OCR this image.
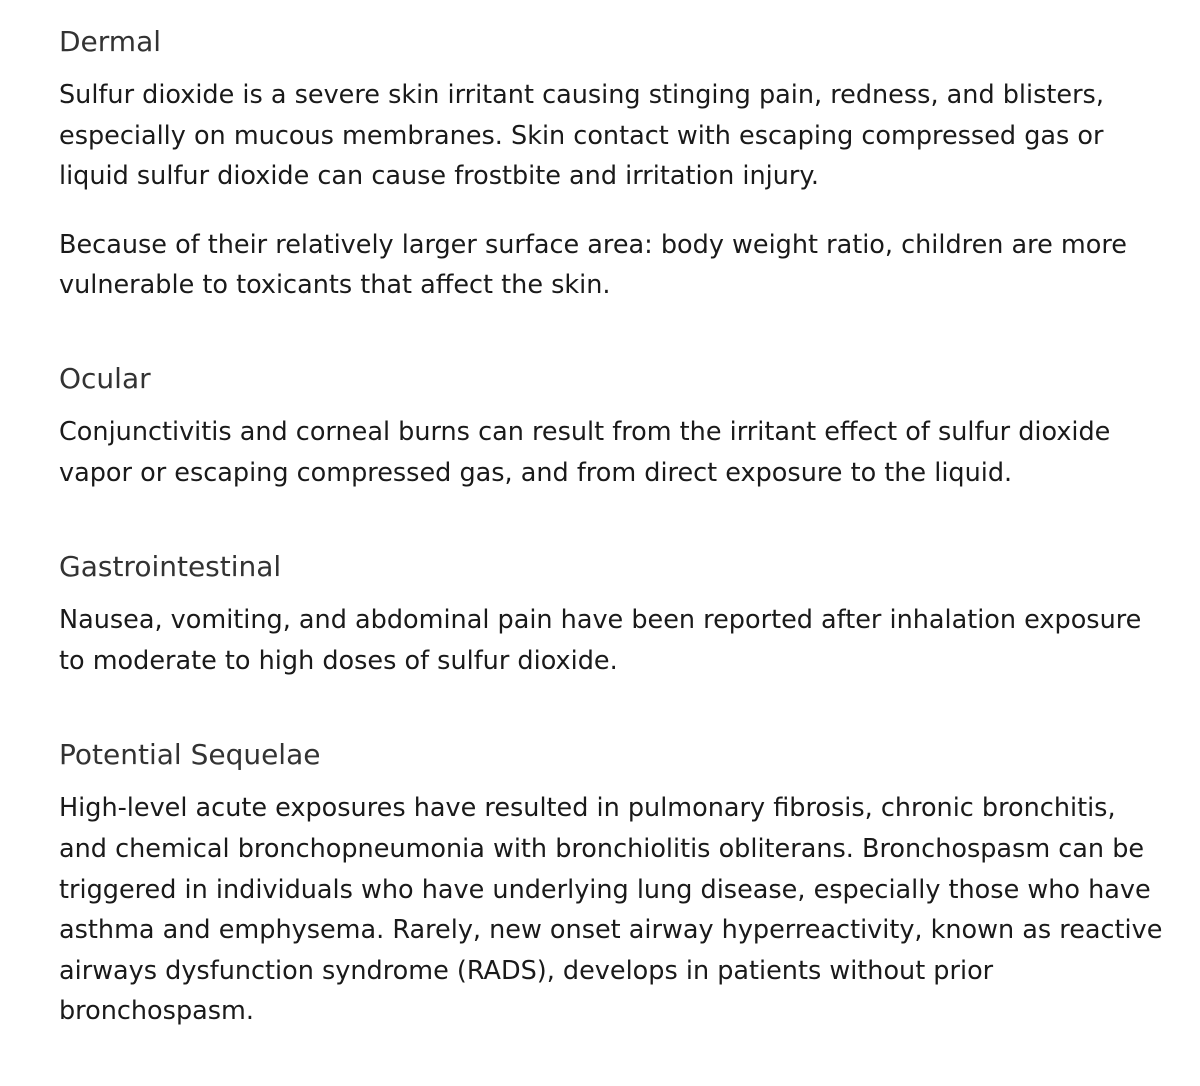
Dermal

Sulfur dioxide is a severe skin irritant causing stinging pain, redness, and blisters, especially on mucous membranes. Skin contact with escaping compressed gas or liquid sulfur dioxide can cause frostbite and irritation injury.

Because of their relatively larger surface area: body weight ratio, children are more vulnerable to toxicants that affect the skin.

Ocular

Conjunctivitis and corneal burns can result from the irritant effect of sulfur dioxide vapor or escaping compressed gas, and from direct exposure to the liquid.

Gastrointestinal

Nausea, vomiting, and abdominal pain have been reported after inhalation exposure to moderate to high doses of sulfur dioxide.

Potential Sequelae

High-level acute exposures have resulted in pulmonary fibrosis, chronic bronchitis, and chemical bronchopneumonia with bronchiolitis obliterans. Bronchospasm can be triggered in individuals who have underlying lung disease, especially those who have asthma and emphysema. Rarely, new onset airway hyperreactivity, known as reactive airways dysfunction syndrome (RADS), develops in patients without prior bronchospasm.
